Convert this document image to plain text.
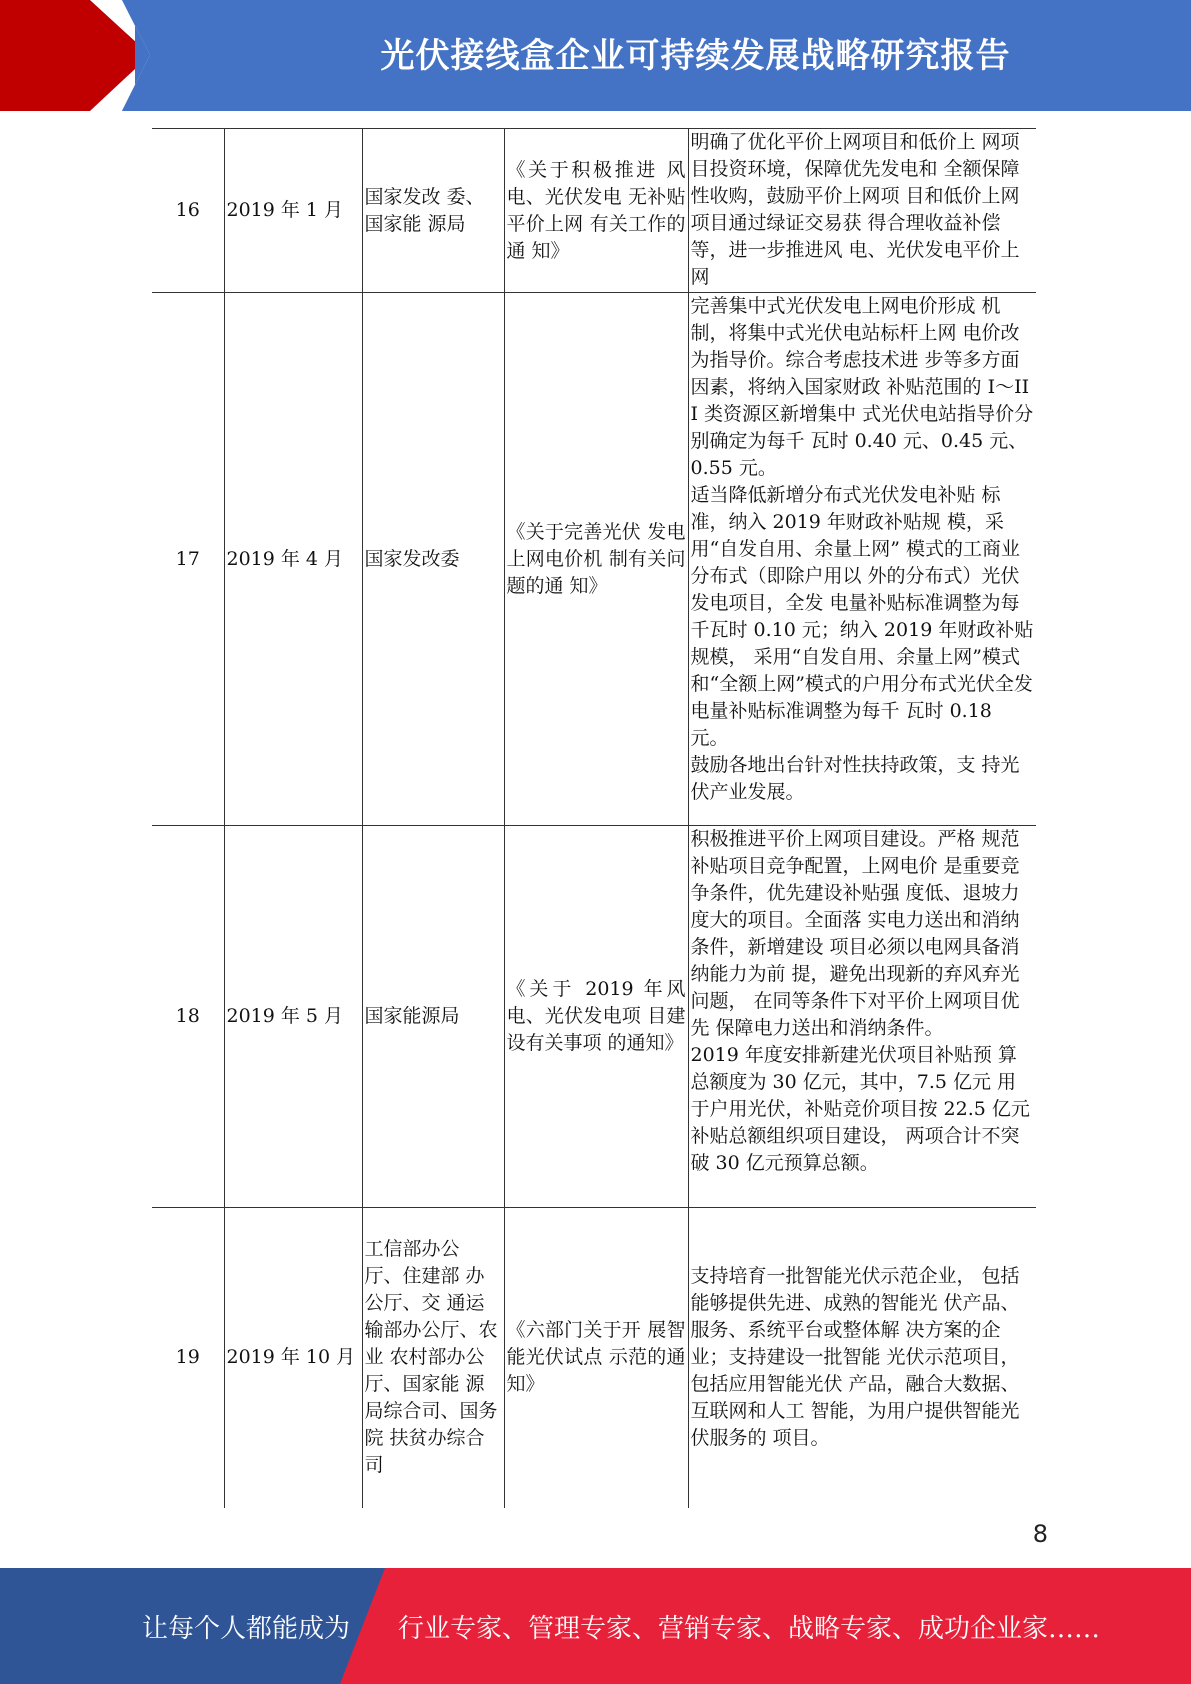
光伏接线盒企业可持续发展战略研究报告
16	2019 年 1 月	国家发改 委、国家能 源局	《关于积极推进 风电、光伏发电 无补贴平价上网 有关工作的通 知》	明确了优化平价上网项目和低价上 网项目投资环境，保障优先发电和 全额保障性收购，鼓励平价上网项 目和低价上网项目通过绿证交易获 得合理收益补偿等，进一步推进风 电、光伏发电平价上网

17	2019 年 4 月	国家发改委	《关于完善光伏 发电上网电价机 制有关问题的通 知》	完善集中式光伏发电上网电价形成 机制，将集中式光伏电站标杆上网 电价改为指导价。综合考虑技术进 步等多方面因素，将纳入国家财政 补贴范围的 I～III 类资源区新增集中 式光伏电站指导价分别确定为每千 瓦时 0.40 元、0.45 元、0.55 元。

适当降低新增分布式光伏发电补贴 标准，纳入 2019 年财政补贴规 模，采用“自发自用、余量上网” 模式的工商业分布式（即除户用以 外的分布式）光伏发电项目，全发 电量补贴标准调整为每千瓦时 0.10 元；纳入 2019 年财政补贴规模， 采用“自发自用、余量上网”模式 和“全额上网”模式的户用分布式光伏全发电量补贴标准调整为每千 瓦时 0.18 元。

鼓励各地出台针对性扶持政策，支 持光伏产业发展。

18	2019 年 5 月	国家能源局	《关于 2019 年风电、光伏发电项 目建设有关事项 的通知》	积极推进平价上网项目建设。严格 规范补贴项目竞争配置，上网电价 是重要竞争条件，优先建设补贴强 度低、退坡力度大的项目。全面落 实电力送出和消纳条件，新增建设 项目必须以电网具备消纳能力为前 提，避免出现新的弃风弃光问题， 在同等条件下对平价上网项目优先 保障电力送出和消纳条件。

2019 年度安排新建光伏项目补贴预 算总额度为 30 亿元，其中，7.5 亿元 用于户用光伏，补贴竞价项目按 22.5 亿元补贴总额组织项目建设， 两项合计不突破 30 亿元预算总额。

19	2019 年 10 月	工信部办公 厅、住建部 办公厅、交 通运输部办公厅、农业 农村部办公 厅、国家能 源局综合司、国务院 扶贫办综合 司	《六部门关于开 展智能光伏试点 示范的通知》	支持培育一批智能光伏示范企业， 包括能够提供先进、成熟的智能光 伏产品、服务、系统平台或整体解 决方案的企业；支持建设一批智能 光伏示范项目，包括应用智能光伏 产品，融合大数据、互联网和人工 智能，为用户提供智能光伏服务的 项目。

8
让每个人都能成为 行业专家、管理专家、营销专家、战略专家、成功企业家……
